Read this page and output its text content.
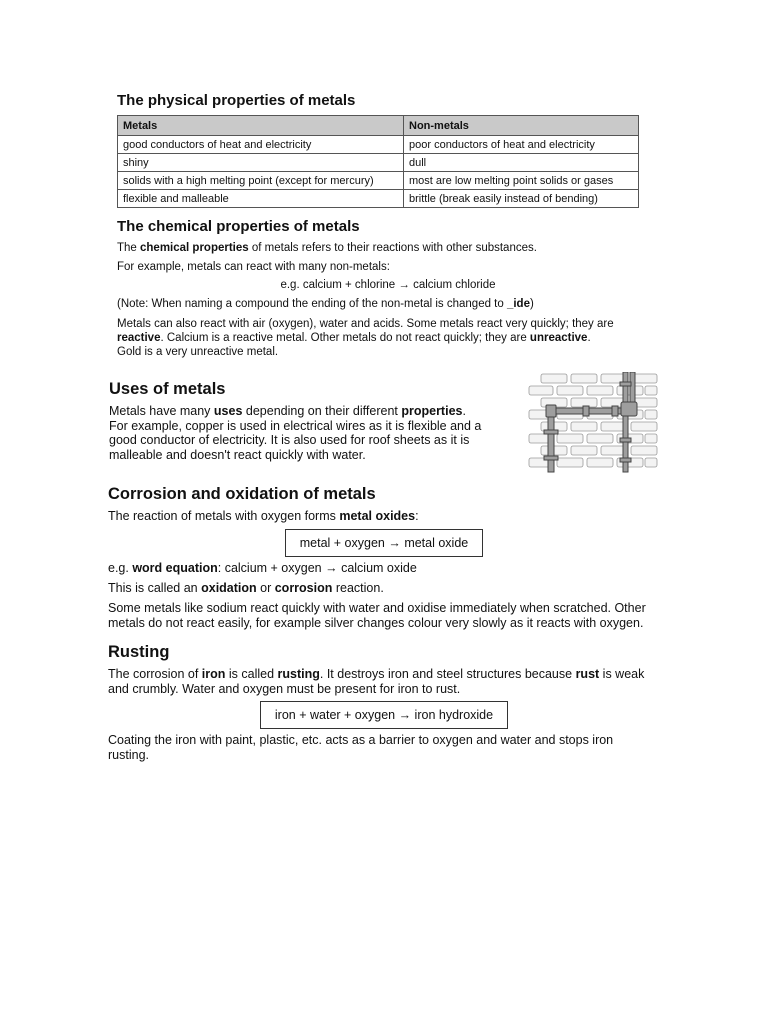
The physical properties of metals
Metals	Non-metals
good conductors of heat and electricity	poor conductors of heat and electricity
shiny	dull
solids with a high melting point (except for mercury)	most are low melting point solids or gases
flexible and malleable	brittle (break easily instead of bending)
The chemical properties of metals
The chemical properties of metals refers to their reactions with other substances.
For example, metals can react with many non-metals:
e.g. calcium + chlorine → calcium chloride
(Note: When naming a compound the ending of the non-metal is changed to _ide)
Metals can also react with air (oxygen), water and acids. Some metals react very quickly; they are
reactive. Calcium is a reactive metal. Other metals do not react quickly; they are unreactive.
Gold is a very unreactive metal.
Uses of metals
Metals have many uses depending on their different properties.
For example, copper is used in electrical wires as it is flexible and a
good conductor of electricity. It is also used for roof sheets as it is
malleable and doesn't react quickly with water.
Corrosion and oxidation of metals
The reaction of metals with oxygen forms metal oxides:
metal + oxygen → metal oxide
e.g. word equation: calcium + oxygen → calcium oxide
This is called an oxidation or corrosion reaction.
Some metals like sodium react quickly with water and oxidise immediately when scratched. Other
metals do not react easily, for example silver changes colour very slowly as it reacts with oxygen.
Rusting
The corrosion of iron is called rusting. It destroys iron and steel structures because rust is weak
and crumbly. Water and oxygen must be present for iron to rust.
iron + water + oxygen → iron hydroxide
Coating the iron with paint, plastic, etc. acts as a barrier to oxygen and water and stops iron
rusting.
